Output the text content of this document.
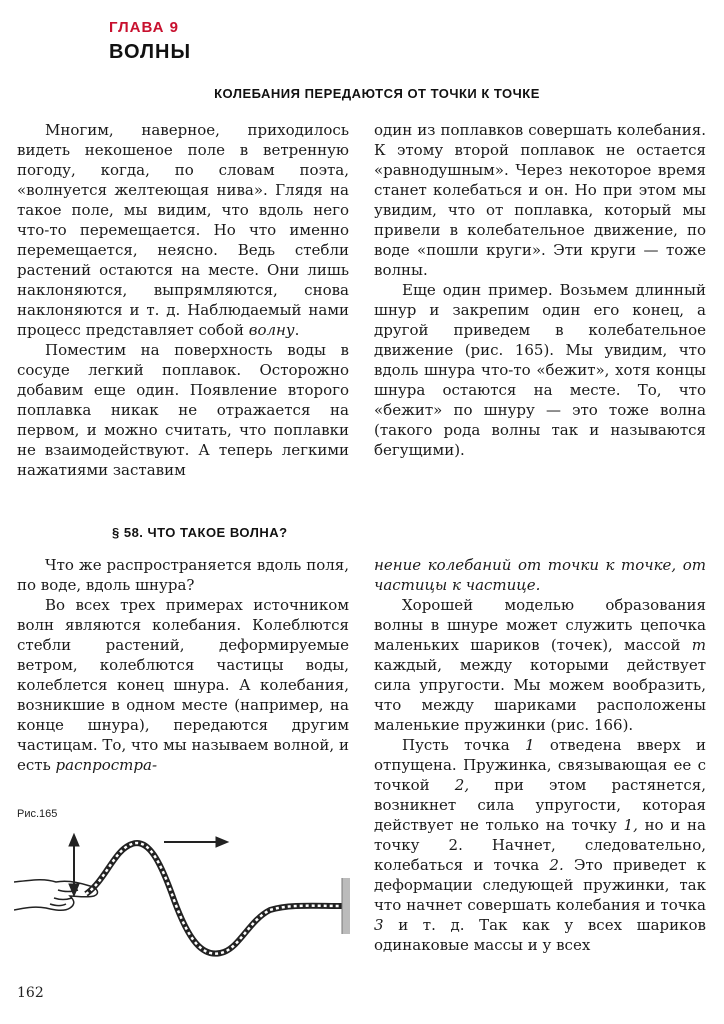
ГЛАВА 9
ВОЛНЫ
КОЛЕБАНИЯ ПЕРЕДАЮТСЯ ОТ ТОЧКИ К ТОЧКЕ

Многим, наверное, приходилось видеть некошеное поле в ветренную погоду, когда, по словам поэта, «волнуется желтеющая нива». Глядя на такое поле, мы видим, что вдоль него что-то перемещается. Но что именно перемещается, неясно. Ведь стебли растений остаются на месте. Они лишь наклоняются, выпрямляются, снова наклоняются и т. д. Наблюдаемый нами процесс представляет собой волну.

Поместим на поверхность воды в сосуде легкий поплавок. Осторожно добавим еще один. Появление второго поплавка никак не отражается на первом, и можно считать, что поплавки не взаимодействуют. А теперь легкими нажатиями заставим

один из поплавков совершать колебания. К этому второй поплавок не остается «равнодушным». Через некоторое время станет колебаться и он. Но при этом мы увидим, что от поплавка, который мы привели в колебательное движение, по воде «пошли круги». Эти круги — тоже волны.

Еще один пример. Возьмем длинный шнур и закрепим один его конец, а другой приведем в колебательное движение (рис. 165). Мы увидим, что вдоль шнура что-то «бежит», хотя концы шнура остаются на месте. То, что «бежит» по шнуру — это тоже волна (такого рода волны так и называются бегущими).

§ 58. ЧТО ТАКОЕ ВОЛНА?

Что же распространяется вдоль поля, по воде, вдоль шнура?

Во всех трех примерах источником волн являются колебания. Колеблются стебли растений, деформируемые ветром, колеблются частицы воды, колеблется конец шнура. А колебания, возникшие в одном месте (например, на конце шнура), передаются другим частицам. То, что мы называем волной, и есть распростра-

нение колебаний от точки к точке, от частицы к частице.

Хорошей моделью образования волны в шнуре может служить цепочка маленьких шариков (точек), массой m каждый, между которыми действует сила упругости. Мы можем вообразить, что между шариками расположены маленькие пружинки (рис. 166).

Пусть точка 1 отведена вверх и отпущена. Пружинка, связывающая ее с точкой 2, при этом растянется, возникнет сила упругости, которая действует не только на точку 1, но и на точку 2. Начнет, следовательно, колебаться и точка 2. Это приведет к деформации следующей пружинки, так что начнет совершать колебания и точка 3 и т. д. Так как у всех шариков одинаковые массы и у всех

Рис.165
162
